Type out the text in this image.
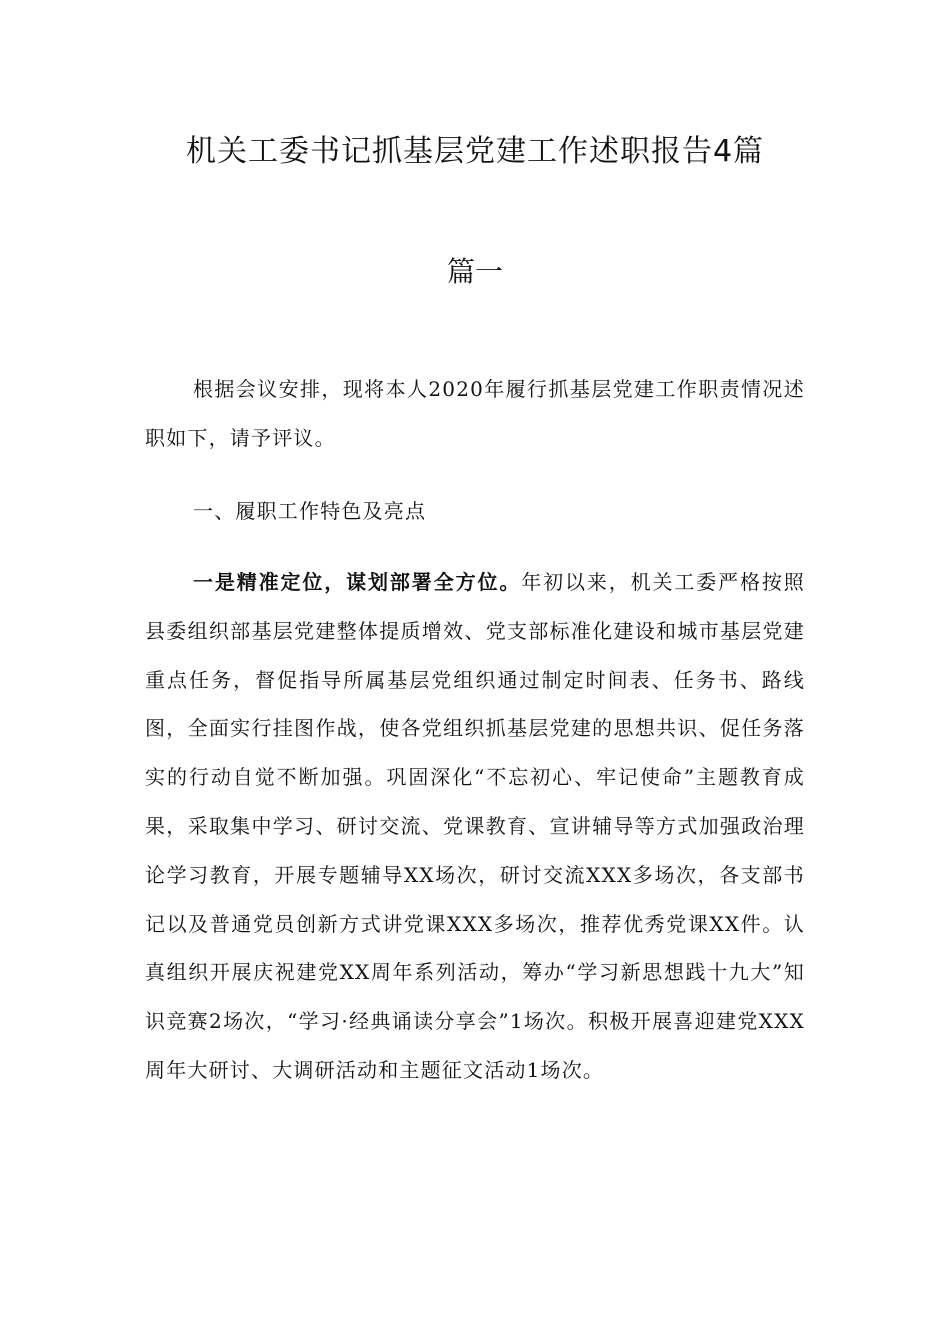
机关工委书记抓基层党建工作述职报告4篇
篇一

根据会议安排，现将本人2020年履行抓基层党建工作职责情况述职如下，请予评议。

一、履职工作特色及亮点

一是精准定位，谋划部署全方位。年初以来，机关工委严格按照县委组织部基层党建整体提质增效、党支部标准化建设和城市基层党建重点任务，督促指导所属基层党组织通过制定时间表、任务书、路线图，全面实行挂图作战，使各党组织抓基层党建的思想共识、促任务落实的行动自觉不断加强。巩固深化“不忘初心、牢记使命”主题教育成果，采取集中学习、研讨交流、党课教育、宣讲辅导等方式加强政治理论学习教育，开展专题辅导XX场次，研讨交流XXX多场次，各支部书记以及普通党员创新方式讲党课XXX多场次，推荐优秀党课XX件。认真组织开展庆祝建党XX周年系列活动，筹办“学习新思想践十九大”知识竞赛2场次，“学习·经典诵读分享会”1场次。积极开展喜迎建党XXX周年大研讨、大调研活动和主题征文活动1场次。
